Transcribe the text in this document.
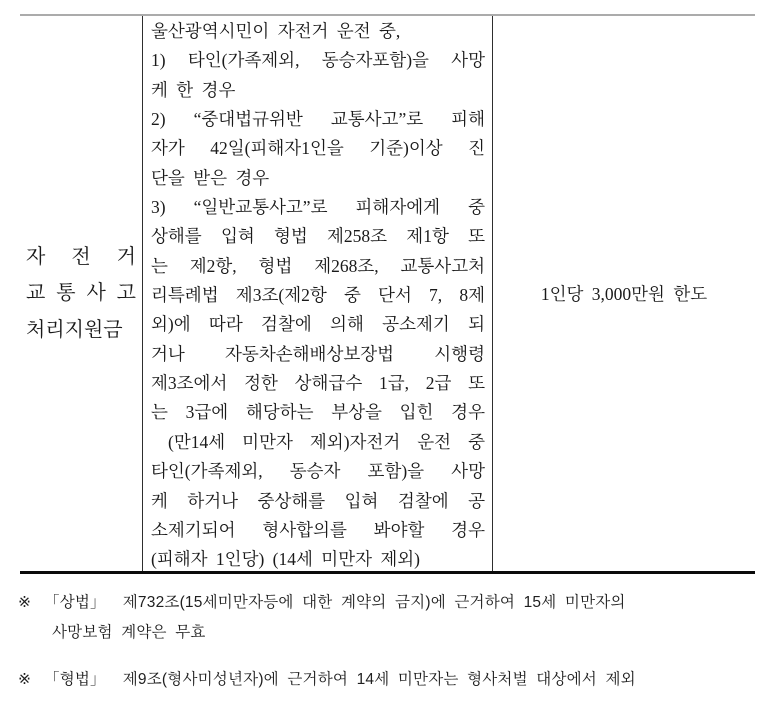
자 전 거
교 통 사 고
처리지원금
울산광역시민이 자전거 운전 중,
1) 타인(가족제외, 동승자포함)을 사망
케 한 경우
2) “중대법규위반 교통사고”로 피해
자가 42일(피해자1인을 기준)이상 진
단을 받은 경우
3) “일반교통사고”로 피해자에게 중
상해를 입혀 형법 제258조 제1항 또
는 제2항, 형법 제268조, 교통사고처
리특례법 제3조(제2항 중 단서 7, 8제
외)에 따라 검찰에 의해 공소제기 되
거나 자동차손해배상보장법 시행령
제3조에서 정한 상해급수 1급, 2급 또
는 3급에 해당하는 부상을 입힌 경우
(만14세 미만자 제외)자전거 운전 중
타인(가족제외, 동승자 포함)을 사망
케 하거나 중상해를 입혀 검찰에 공
소제기되어 형사합의를 봐야할 경우
(피해자 1인당) (14세 미만자 제외)
1인당 3,000만원 한도
※ 「상법」  제732조(15세미만자등에 대한 계약의 금지)에 근거하여 15세 미만자의
사망보험 계약은 무효
※ 「형법」  제9조(형사미성년자)에 근거하여 14세 미만자는 형사처벌 대상에서 제외
